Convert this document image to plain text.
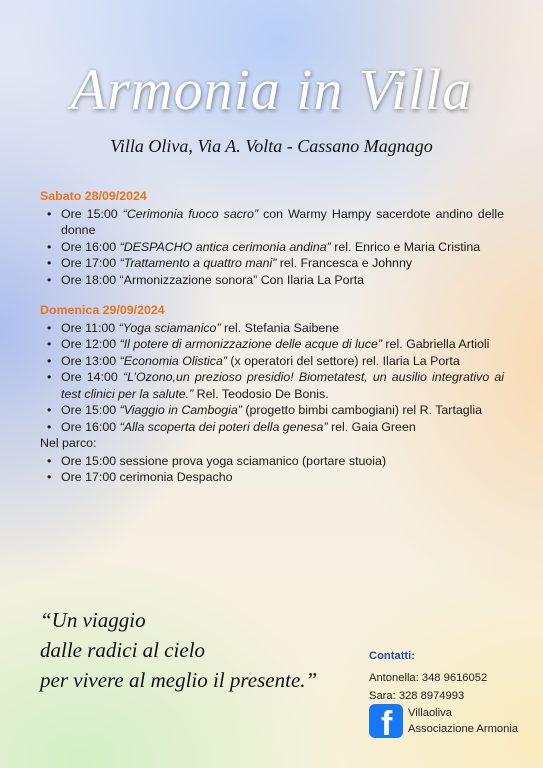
Armonia in Villa
Villa Oliva, Via A. Volta - Cassano Magnago

Sabato 28/09/2024

• Ore 15:00 “Cerimonia fuoco sacro” con Warmy Hampy sacerdote andino delle donne
• Ore 16:00 “DESPACHO antica cerimonia andina” rel. Enrico e Maria Cristina
• Ore 17:00 “Trattamento a quattro mani” rel. Francesca e Johnny
• Ore 18:00 “Armonizzazione sonora” Con Ilaria La Porta

Domenica 29/09/2024

• Ore 11:00 “Yoga sciamanico” rel. Stefania Saibene
• Ore 12:00 “Il potere di armonizzazione delle acque di luce” rel. Gabriella Artioli
• Ore 13:00 “Economia Olistica” (x operatori del settore) rel. Ilaria La Porta
• Ore 14:00 “L’Ozono,un prezioso presidio! Biometatest, un ausilio integrativo ai test clinici per la salute.” Rel. Teodosio De Bonis.
• Ore 15:00 “Viaggio in Cambogia” (progetto bimbi cambogiani) rel R. Tartaglia
• Ore 16:00 “Alla scoperta dei poteri della genesa” rel. Gaia Green

Nel parco:

• Ore 15:00 sessione prova yoga sciamanico (portare stuoia)
• Ore 17:00 cerimonia Despacho
“Un viaggio
dalle radici al cielo
per vivere al meglio il presente.”
Contatti:
Antonella: 348 9616052
Sara: 328 8974993
f Villaoliva
Associazione Armonia
